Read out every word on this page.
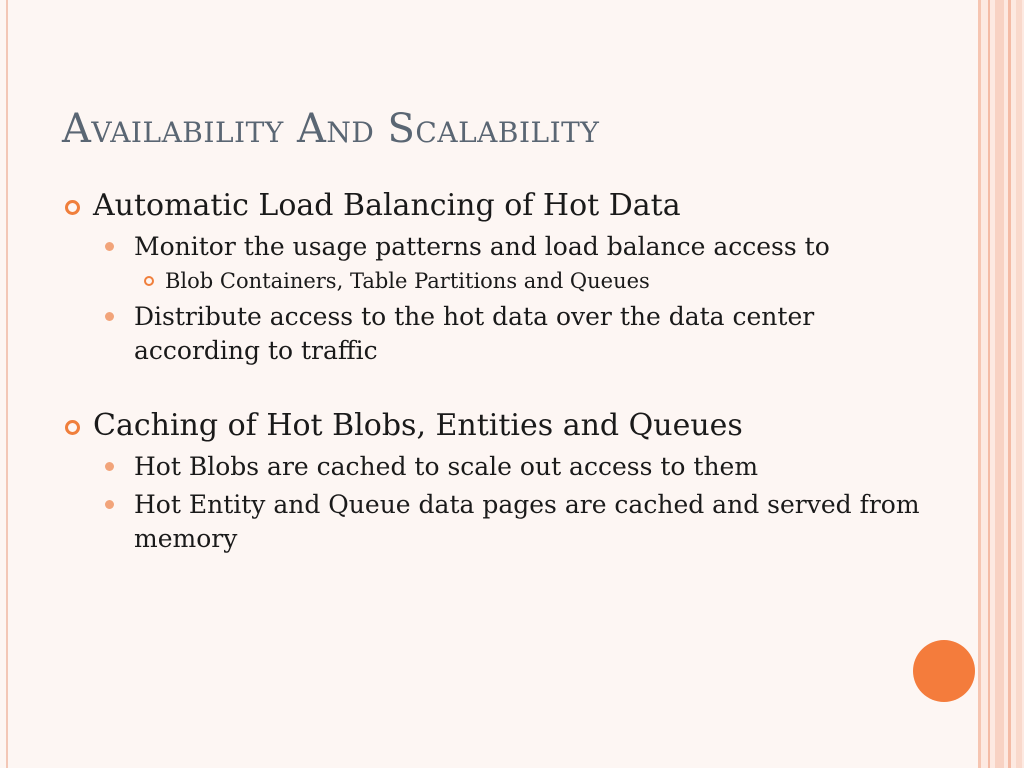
Availability And Scalability

Automatic Load Balancing of Hot Data

Monitor the usage patterns and load balance access to

Blob Containers, Table Partitions and Queues

Distribute access to the hot data over the data center according to traffic

Caching of Hot Blobs, Entities and Queues

Hot Blobs are cached to scale out access to them

Hot Entity and Queue data pages are cached and served from memory
